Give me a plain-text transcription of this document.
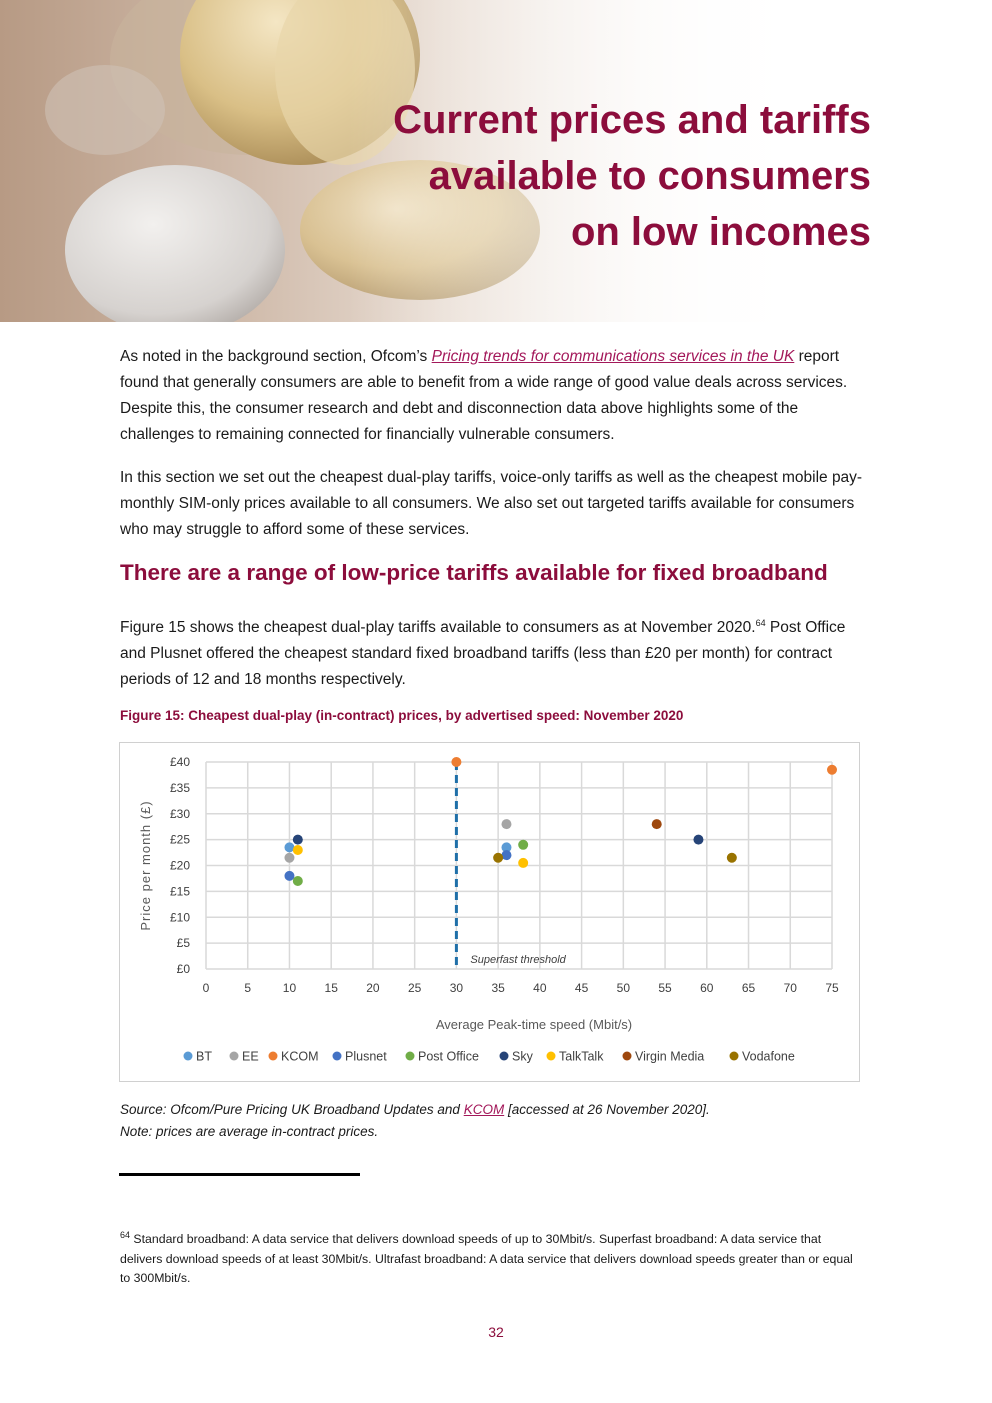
Current prices and tariffs
available to consumers
on low incomes
As noted in the background section, Ofcom’s Pricing trends for communications services in the UK report found that generally consumers are able to benefit from a wide range of good value deals across services. Despite this, the consumer research and debt and disconnection data above highlights some of the challenges to remaining connected for financially vulnerable consumers.
In this section we set out the cheapest dual-play tariffs, voice-only tariffs as well as the cheapest mobile pay-monthly SIM-only prices available to all consumers. We also set out targeted tariffs available for consumers who may struggle to afford some of these services.
There are a range of low-price tariffs available for fixed broadband
Figure 15 shows the cheapest dual-play tariffs available to consumers as at November 2020.64 Post Office and Plusnet offered the cheapest standard fixed broadband tariffs (less than £20 per month) for contract periods of 12 and 18 months respectively.
Figure 15: Cheapest dual-play (in-contract) prices, by advertised speed: November 2020
£0
£5
£10
£15
£20
£25
£30
£35
£40
0	5	10 15 20 25 30 35 40 45 50 55 60 65 70 75
Superfast threshold
Average Peak-time speed (Mbit/s)
Price per month (£)
BT EE KCOM Plusnet	Post Office	Sky TalkTalk	Virgin Media	Vodafone
Source: Ofcom/Pure Pricing UK Broadband Updates and KCOM [accessed at 26 November 2020].
Note: prices are average in-contract prices.
$^{64}$ Standard broadband: A data service that delivers download speeds of up to 30Mbit/s. Superfast broadband: A data service that delivers download speeds of at least 30Mbit/s. Ultrafast broadband: A data service that delivers download speeds greater than or equal to 300Mbit/s.
32
